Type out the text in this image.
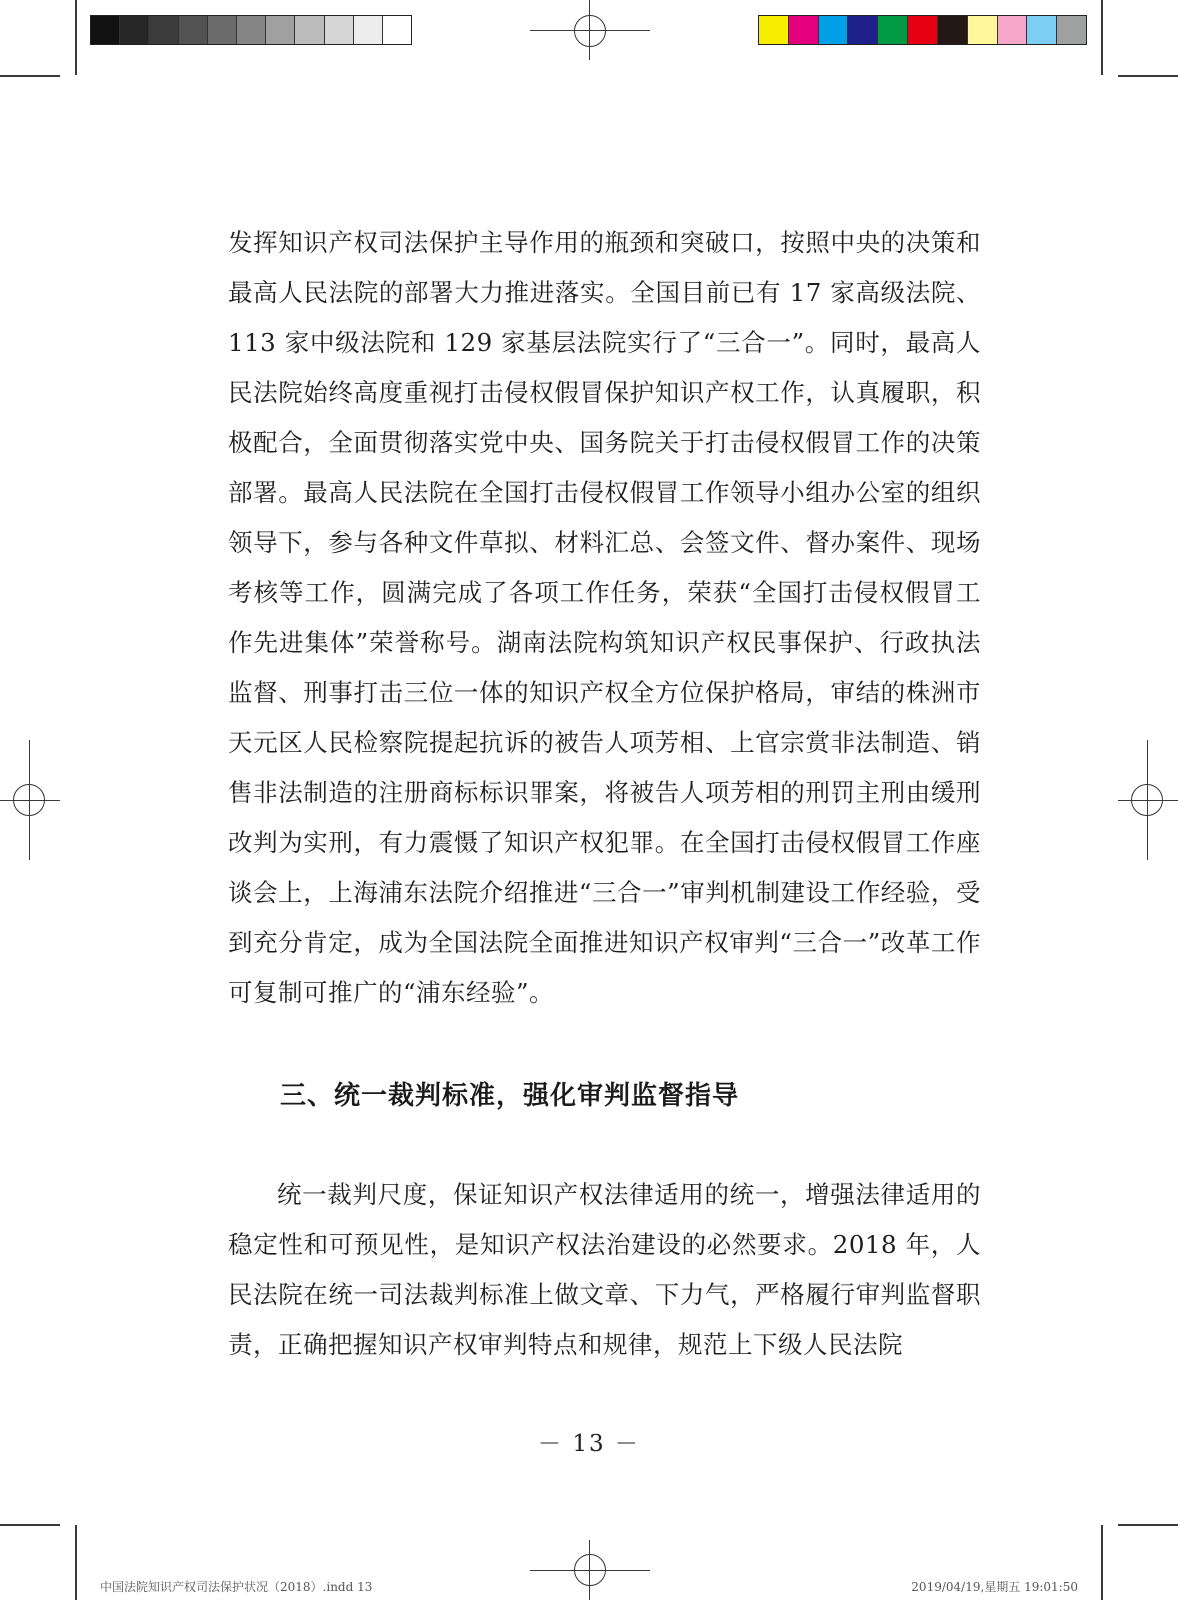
发挥知识产权司法保护主导作用的瓶颈和突破口，按照中央的决策和最高人民法院的部署大力推进落实。全国目前已有 17 家高级法院、113 家中级法院和 129 家基层法院实行了“三合一”。同时，最高人民法院始终高度重视打击侵权假冒保护知识产权工作，认真履职，积极配合，全面贯彻落实党中央、国务院关于打击侵权假冒工作的决策部署。最高人民法院在全国打击侵权假冒工作领导小组办公室的组织领导下，参与各种文件草拟、材料汇总、会签文件、督办案件、现场考核等工作，圆满完成了各项工作任务，荣获“全国打击侵权假冒工作先进集体”荣誉称号。湖南法院构筑知识产权民事保护、行政执法监督、刑事打击三位一体的知识产权全方位保护格局，审结的株洲市天元区人民检察院提起抗诉的被告人项芳相、上官宗赏非法制造、销售非法制造的注册商标标识罪案，将被告人项芳相的刑罚主刑由缓刑改判为实刑，有力震慑了知识产权犯罪。在全国打击侵权假冒工作座谈会上，上海浦东法院介绍推进“三合一”审判机制建设工作经验，受到充分肯定，成为全国法院全面推进知识产权审判“三合一”改革工作可复制可推广的“浦东经验”。

三、统一裁判标准，强化审判监督指导

统一裁判尺度，保证知识产权法律适用的统一，增强法律适用的稳定性和可预见性，是知识产权法治建设的必然要求。2018 年，人民法院在统一司法裁判标准上做文章、下力气，严格履行审判监督职责，正确把握知识产权审判特点和规律，规范上下级人民法院

－ 13 －
中国法院知识产权司法保护状况（2018）.indd 13	2019/04/19,星期五 19:01:50
